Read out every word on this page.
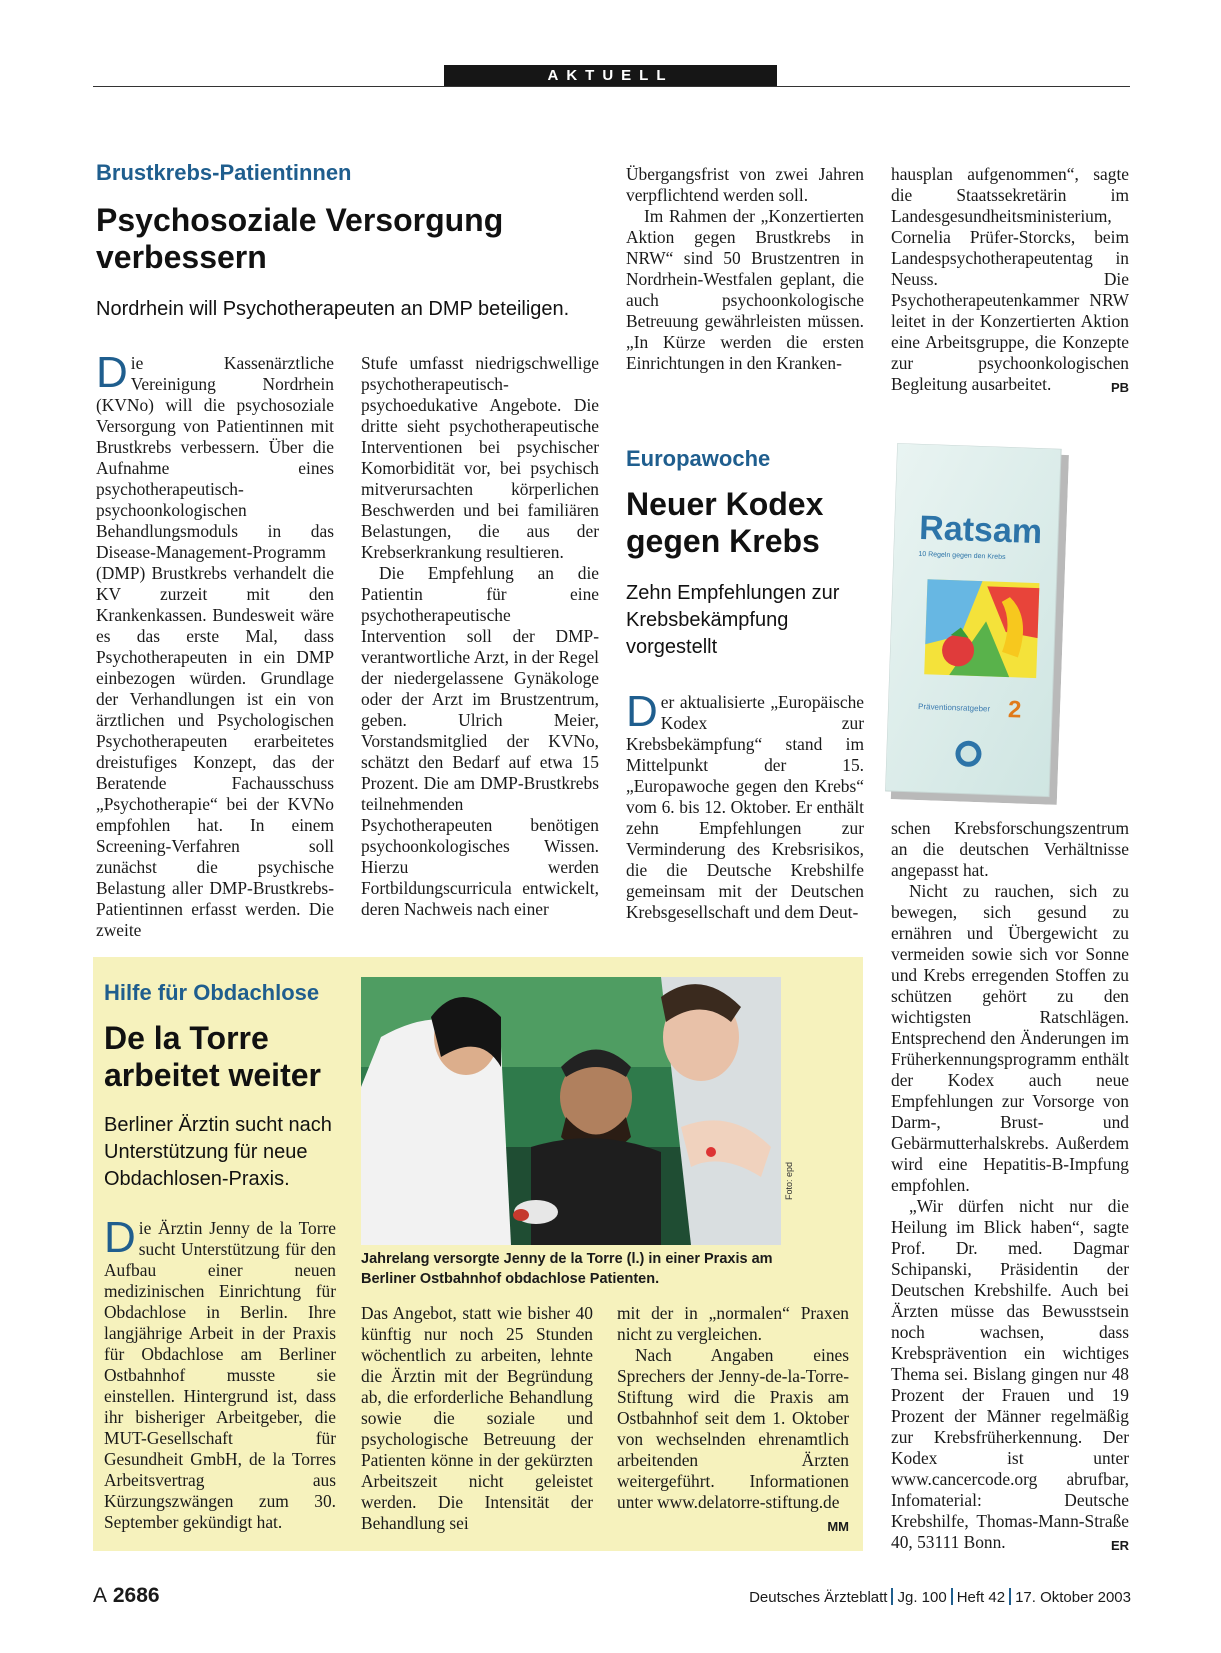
AKTUELL
Brustkrebs-Patientinnen
Psychosoziale Versorgung verbessern
Nordrhein will Psychotherapeuten an DMP beteiligen.

Die Kassenärztliche Vereinigung Nordrhein (KVNo) will die psychosoziale Versorgung von Patientinnen mit Brustkrebs verbessern. Über die Aufnahme eines psychotherapeutisch-psychoonkologischen Behandlungsmoduls in das Disease-Management-Programm (DMP) Brustkrebs verhandelt die KV zurzeit mit den Krankenkassen. Bundesweit wäre es das erste Mal, dass Psychotherapeuten in ein DMP einbezogen würden. Grundlage der Verhandlungen ist ein von ärztlichen und Psychologischen Psychotherapeuten erarbeitetes dreistufiges Konzept, das der Beratende Fachausschuss „Psychotherapie“ bei der KVNo empfohlen hat. In einem Screening-Verfahren soll zunächst die psychische Belastung aller DMP-Brustkrebs-Patientinnen erfasst werden. Die zweite

Stufe umfasst niedrigschwellige psychotherapeutisch-psychoedukative Angebote. Die dritte sieht psychotherapeutische Interventionen bei psychischer Komorbidität vor, bei psychisch mitverursachten körperlichen Beschwerden und bei familiären Belastungen, die aus der Krebserkrankung resultieren.

Die Empfehlung an die Patientin für eine psychotherapeutische Intervention soll der DMP-verantwortliche Arzt, in der Regel der niedergelassene Gynäkologe oder der Arzt im Brustzentrum, geben. Ulrich Meier, Vorstandsmitglied der KVNo, schätzt den Bedarf auf etwa 15 Prozent. Die am DMP-Brustkrebs teilnehmenden Psychotherapeuten benötigen psychoonkologisches Wissen. Hierzu werden Fortbildungscurricula entwickelt, deren Nachweis nach einer

Übergangsfrist von zwei Jahren verpflichtend werden soll.

Im Rahmen der „Konzertierten Aktion gegen Brustkrebs in NRW“ sind 50 Brustzentren in Nordrhein-Westfalen geplant, die auch psychoonkologische Betreuung gewährleisten müssen. „In Kürze werden die ersten Einrichtungen in den Kranken-

hausplan aufgenommen“, sagte die Staatssekretärin im Landesgesundheitsministerium, Cornelia Prüfer-Storcks, beim Landespsychotherapeutentag in Neuss. Die Psychotherapeutenkammer NRW leitet in der Konzertierten Aktion eine Arbeitsgruppe, die Konzepte zur psychoonkologischen Begleitung ausarbeitet.	PB

Europawoche
Neuer Kodex gegen Krebs
Zehn Empfehlungen zur Krebsbekämpfung vorgestellt

Der aktualisierte „Europäische Kodex zur Krebsbekämpfung“ stand im Mittelpunkt der 15. „Europawoche gegen den Krebs“ vom 6. bis 12. Oktober. Er enthält zehn Empfehlungen zur Verminderung des Krebsrisikos, die die Deutsche Krebshilfe gemeinsam mit der Deutschen Krebsgesellschaft und dem Deut-

schen Krebsforschungszentrum an die deutschen Verhältnisse angepasst hat.

Nicht zu rauchen, sich zu bewegen, sich gesund zu ernähren und Übergewicht zu vermeiden sowie sich vor Sonne und Krebs erregenden Stoffen zu schützen gehört zu den wichtigsten Ratschlägen. Entsprechend den Änderungen im Früherkennungsprogramm enthält der Kodex auch neue Empfehlungen zur Vorsorge von Darm-, Brust- und Gebärmutterhalskrebs. Außerdem wird eine Hepatitis-B-Impfung empfohlen.

„Wir dürfen nicht nur die Heilung im Blick haben“, sagte Prof. Dr. med. Dagmar Schipanski, Präsidentin der Deutschen Krebshilfe. Auch bei Ärzten müsse das Bewusstsein noch wachsen, dass Krebsprävention ein wichtiges Thema sei. Bislang gingen nur 48 Prozent der Frauen und 19 Prozent der Männer regelmäßig zur Krebsfrüherkennung. Der Kodex ist unter www.cancercode.org abrufbar, Infomaterial: Deutsche Krebshilfe, Thomas-Mann-Straße 40, 53111 Bonn.	ER

Ratsam
10 Regeln gegen den Krebs
Präventionsratgeber 2
Hilfe für Obdachlose
De la Torre arbeitet weiter
Berliner Ärztin sucht nach Unterstützung für neue Obdachlosen-Praxis.

Die Ärztin Jenny de la Torre sucht Unterstützung für den Aufbau einer neuen medizinischen Einrichtung für Obdachlose in Berlin. Ihre langjährige Arbeit in der Praxis für Obdachlose am Berliner Ostbahnhof musste sie einstellen. Hintergrund ist, dass ihr bisheriger Arbeitgeber, die MUT-Gesellschaft für Gesundheit GmbH, de la Torres Arbeitsvertrag aus Kürzungszwängen zum 30. September gekündigt hat.

Foto: epd
Jahrelang versorgte Jenny de la Torre (l.) in einer Praxis am Berliner Ostbahnhof obdachlose Patienten.

Das Angebot, statt wie bisher 40 künftig nur noch 25 Stunden wöchentlich zu arbeiten, lehnte die Ärztin mit der Begründung ab, die erforderliche Behandlung sowie die soziale und psychologische Betreuung der Patienten könne in der gekürzten Arbeitszeit nicht geleistet werden. Die Intensität der Behandlung sei

mit der in „normalen“ Praxen nicht zu vergleichen.

Nach Angaben eines Sprechers der Jenny-de-la-Torre-Stiftung wird die Praxis am Ostbahnhof seit dem 1. Oktober von wechselnden ehrenamtlich arbeitenden Ärzten weitergeführt. Informationen unter www.delatorre-stiftung.de
MM

A 2686	Deutsches Ärzteblatt Jg. 100 Heft 42 17. Oktober 2003
